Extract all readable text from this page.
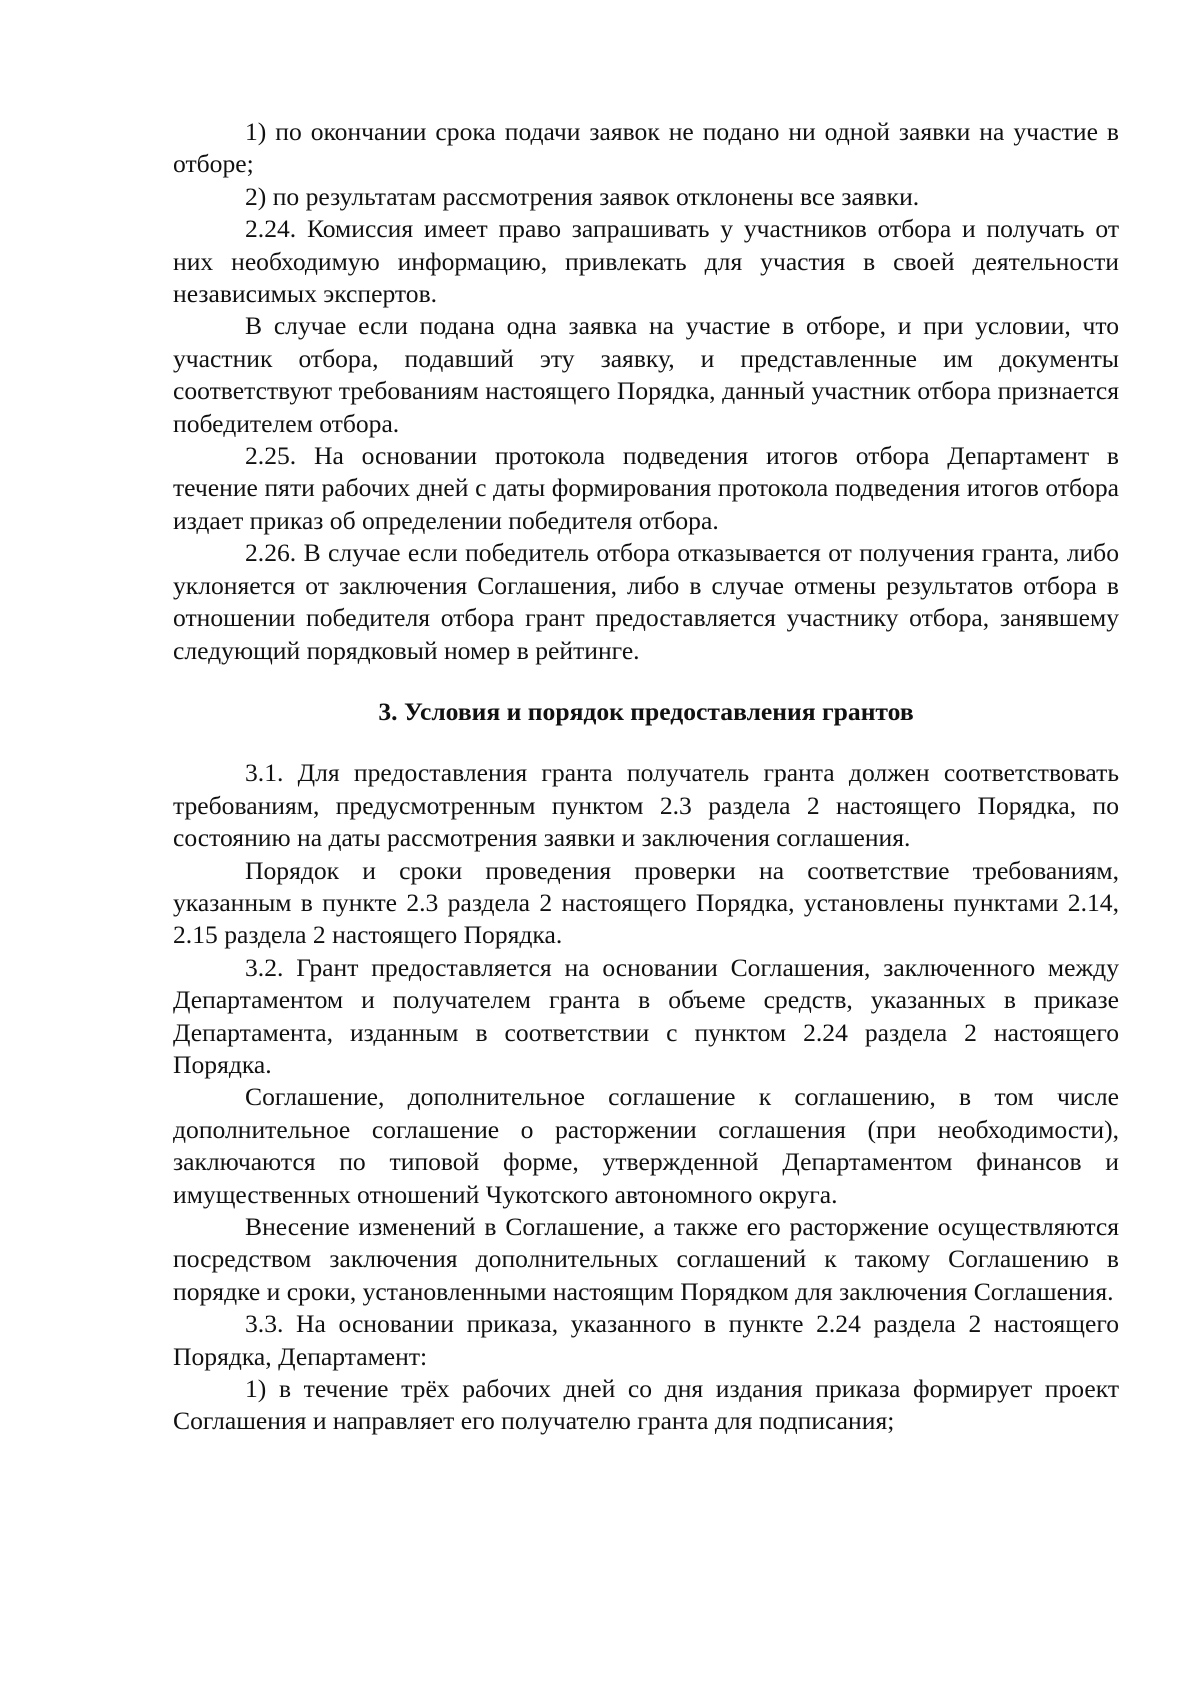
1) по окончании срока подачи заявок не подано ни одной заявки на участие в отборе;

2) по результатам рассмотрения заявок отклонены все заявки.

2.24. Комиссия имеет право запрашивать у участников отбора и получать от них необходимую информацию, привлекать для участия в своей деятельности независимых экспертов.

В случае если подана одна заявка на участие в отборе, и при условии, что участник отбора, подавший эту заявку, и представленные им документы соответствуют требованиям настоящего Порядка, данный участник отбора признается победителем отбора.

2.25. На основании протокола подведения итогов отбора Департамент в течение пяти рабочих дней с даты формирования протокола подведения итогов отбора издает приказ об определении победителя отбора.

2.26. В случае если победитель отбора отказывается от получения гранта, либо уклоняется от заключения Соглашения, либо в случае отмены результатов отбора в отношении победителя отбора грант предоставляется участнику отбора, занявшему следующий порядковый номер в рейтинге.

3. Условия и порядок предоставления грантов

3.1. Для предоставления гранта получатель гранта должен соответствовать требованиям, предусмотренным пунктом 2.3 раздела 2 настоящего Порядка, по состоянию на даты рассмотрения заявки и заключения соглашения.

Порядок и сроки проведения проверки на соответствие требованиям, указанным в пункте 2.3 раздела 2 настоящего Порядка, установлены пунктами 2.14, 2.15 раздела 2 настоящего Порядка.

3.2. Грант предоставляется на основании Соглашения, заключенного между Департаментом и получателем гранта в объеме средств, указанных в приказе Департамента, изданным в соответствии с пунктом 2.24 раздела 2 настоящего Порядка.

Соглашение, дополнительное соглашение к соглашению, в том числе дополнительное соглашение о расторжении соглашения (при необходимости), заключаются по типовой форме, утвержденной Департаментом финансов и имущественных отношений Чукотского автономного округа.

Внесение изменений в Соглашение, а также его расторжение осуществляются посредством заключения дополнительных соглашений к такому Соглашению в порядке и сроки, установленными настоящим Порядком для заключения Соглашения.

3.3. На основании приказа, указанного в пункте 2.24 раздела 2 настоящего Порядка, Департамент:

1) в течение трёх рабочих дней со дня издания приказа формирует проект Соглашения и направляет его получателю гранта для подписания;
